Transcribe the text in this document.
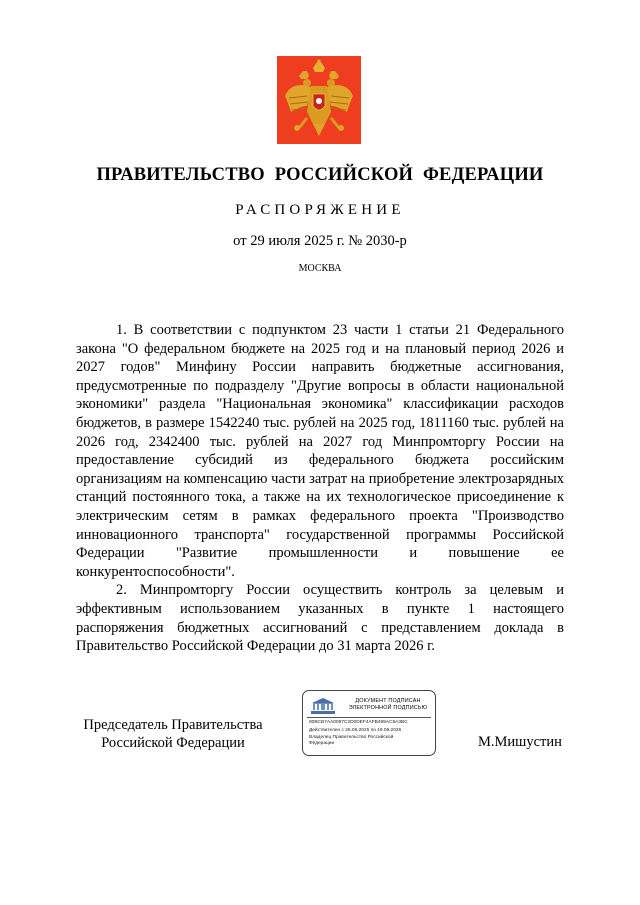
ПРАВИТЕЛЬСТВО РОССИЙСКОЙ ФЕДЕРАЦИИ
РАСПОРЯЖЕНИЕ
от 29 июля 2025 г. № 2030-р
МОСКВА

1. В соответствии с подпунктом 23 части 1 статьи 21 Федерального закона "О федеральном бюджете на 2025 год и на плановый период 2026 и 2027 годов" Минфину России направить бюджетные ассигнования, предусмотренные по подразделу "Другие вопросы в области национальной экономики" раздела "Национальная экономика" классификации расходов бюджетов, в размере 1542240 тыс. рублей на 2025 год, 1811160 тыс. рублей на 2026 год, 2342400 тыс. рублей на 2027 год Минпромторгу России на предоставление субсидий из федерального бюджета российским организациям на компенсацию части затрат на приобретение электрозарядных станций постоянного тока, а также на их технологическое присоединение к электрическим сетям в рамках федерального проекта "Производство инновационного транспорта" государственной программы Российской Федерации "Развитие промышленности и повышение ее конкурентоспособности".

2. Минпромторгу России осуществить контроль за целевым и эффективным использованием указанных в пункте 1 настоящего распоряжения бюджетных ассигнований с представлением доклада в Правительство Российской Федерации до 31 марта 2026 г.

Председатель Правительства
Российской Федерации
ДОКУМЕНТ ПОДПИСАН
ЭЛЕКТРОННОЙ ПОДПИСЬЮ
00BCB7AA0097C2D0DEF4AFB499AC8A3BC
Действителен с 26.06.2025 по 19.09.2026
Владелец Правительство Российской
Федерации	М.Мишустин
